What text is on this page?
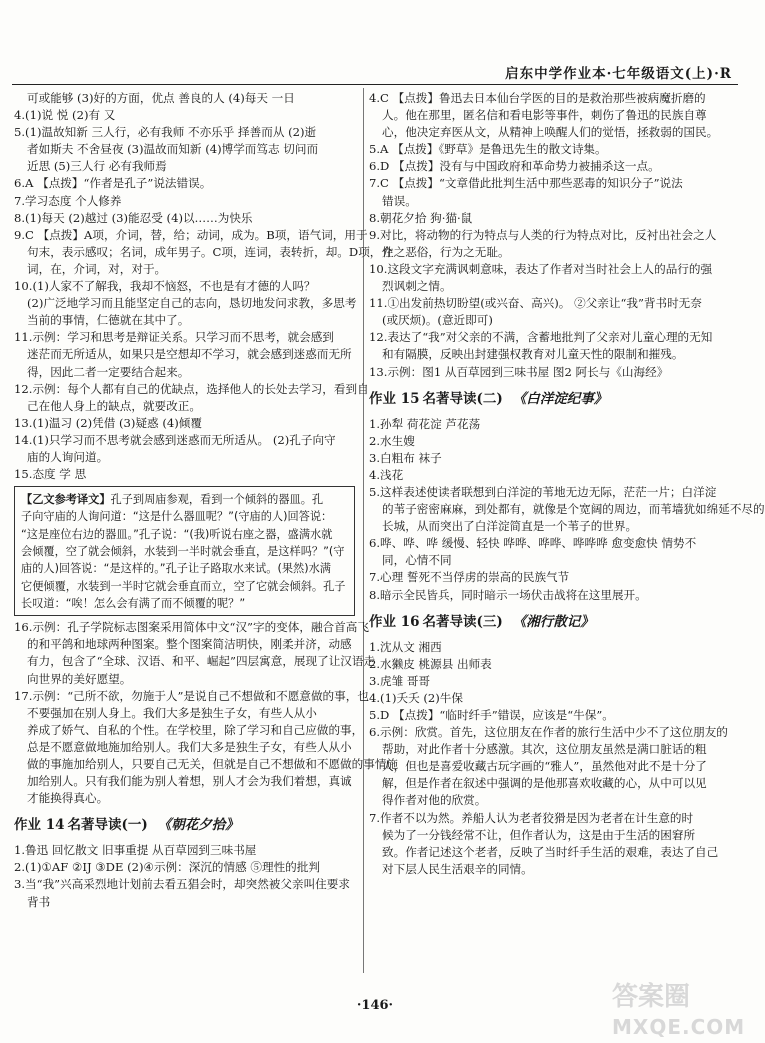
启东中学作业本·七年级语文(上)·R
可或能够 (3)好的方面，优点 善良的人 (4)每天 一日
4.(1)说 悦 (2)有 又
5.(1)温故知新 三人行，必有我师 不亦乐乎 择善而从 (2)逝
者如斯夫 不舍昼夜 (3)温故而知新 (4)博学而笃志 切问而
近思 (5)三人行 必有我师焉
6.A 【点拨】“作者是孔子”说法错误。
7.学习态度 个人修养
8.(1)每天 (2)越过 (3)能忍受 (4)以……为快乐
9.C 【点拨】A项，介词，替，给；动词，成为。B项，语气词，用于
句末，表示感叹；名词，成年男子。C项，连词，表转折，却。D项，介
词，在，介词，对，对于。
10.(1)人家不了解我，我却不恼怒，不也是有才德的人吗？
(2)广泛地学习而且能坚定自己的志向，恳切地发问求教，多思考
当前的事情，仁德就在其中了。
11.示例：学习和思考是辩证关系。只学习而不思考，就会感到
迷茫而无所适从，如果只是空想却不学习，就会感到迷惑而无所
得，因此二者一定要结合起来。
12.示例：每个人都有自己的优缺点，选择他人的长处去学习，看到自
己在他人身上的缺点，就要改正。
13.(1)温习 (2)凭借 (3)疑惑 (4)倾覆
14.(1)只学习而不思考就会感到迷惑而无所适从。 (2)孔子向守
庙的人询问道。
15.态度 学 思
【乙文参考译文】孔子到周庙参观，看到一个倾斜的器皿。孔
子向守庙的人询问道：“这是什么器皿呢？”(守庙的人)回答说：
“这是座位右边的器皿。”孔子说：“(我)听说右座之器，盛满水就
会倾覆，空了就会倾斜，水装到一半时就会垂直，是这样吗？”(守
庙的人)回答说：“是这样的。”孔子让子路取水来试。(果然)水满
它便倾覆，水装到一半时它就会垂直而立，空了它就会倾斜。孔子
长叹道：“唉！怎么会有满了而不倾覆的呢？”
16.示例：孔子学院标志图案采用简体中文“汉”字的变体，融合首高飞
的和平鸽和地球两种图案。整个图案简洁明快，刚柔并济，动感
有力，包含了“全球、汉语、和平、崛起”四层寓意，展现了让汉语走
向世界的美好愿望。
17.示例：“己所不欲，勿施于人”是说自己不想做和不愿意做的事，也
不要强加在别人身上。我们大多是独生子女，有些人从小
养成了娇气、自私的个性。在学校里，除了学习和自己应做的事，
总是不愿意做地施加给别人。我们大多是独生子女，有些人从小
做的事施加给别人，只要自己无关，但就是自己不想做和不愿做的事情施
加给别人。只有我们能为别人着想，别人才会为我们着想，真诚
才能换得真心。
作业 14 名著导读(一) 《朝花夕拾》
1.鲁迅 回忆散文 旧事重提 从百草园到三味书屋
2.(1)①AF ②IJ ③DE (2)④示例：深沉的情感 ⑤理性的批判
3.当“我”兴高采烈地计划前去看五猖会时，却突然被父亲叫住要求
背书
4.C 【点拨】鲁迅去日本仙台学医的目的是救治那些被病魔折磨的
人。他在那里，匿名信和看电影等事件，刺伤了鲁迅的民族自尊
心，他决定弃医从文，从精神上唤醒人们的觉悟，拯救弱的国民。
5.A 【点拨】《野草》是鲁迅先生的散文诗集。
6.D 【点拨】没有与中国政府和革命势力被捕杀这一点。
7.C 【点拨】“文章借此批判生活中那些恶毒的知识分子”说法
错误。
8.朝花夕拾 狗·猫·鼠
9.对比，将动物的行为特点与人类的行为特点对比，反衬出社会之人
性之恶俗，行为之无耻。
10.这段文字充满讽刺意味，表达了作者对当时社会上人的品行的强
烈讽刺之情。
11.①出发前热切盼望(或兴奋、高兴)。 ②父亲让“我”背书时无奈
(或厌烦)。(意近即可)
12.表达了“我”对父亲的不满，含蓄地批判了父亲对儿童心理的无知
和有隔膜，反映出封建强权教育对儿童天性的限制和摧残。
13.示例：图1 从百草园到三味书屋 图2 阿长与《山海经》
作业 15 名著导读(二) 《白洋淀纪事》
1.孙犁 荷花淀 芦花荡
2.水生嫂
3.白粗布 袜子
4.浅花
5.这样表述使读者联想到白洋淀的苇地无边无际，茫茫一片；白洋淀
的苇子密密麻麻，到处都有，就像是个宽阔的周边，而苇墙犹如绵延不尽的
长城，从而突出了白洋淀简直是一个苇子的世界。
6.哗、哗、哗 缓慢、轻快 哗哗、哗哗、哗哗哗 愈变愈快 情势不
同，心情不同
7.心理 誓死不当俘虏的崇高的民族气节
8.暗示全民皆兵，同时暗示一场伏击战将在这里展开。
作业 16 名著导读(三) 《湘行散记》
1.沈从文 湘西
2.水獭皮 桃源县 出师表
3.虎雏 哥哥
4.(1)夭夭 (2)牛保
5.D 【点拨】“临时纤手”错误，应该是“牛保”。
6.示例：欣赏。首先，这位朋友在作者的旅行生活中少不了这位朋友的
帮助，对此作者十分感激。其次，这位朋友虽然是满口脏话的粗
人，但也是喜爱收藏古玩字画的“雅人”，虽然他对此不是十分了
解，但是作者在叙述中强调的是他那喜欢收藏的心，从中可以见
得作者对他的欣赏。
7.作者不以为然。养船人认为老者狡猾是因为老者在计生意的时
候为了一分钱经常不让，但作者认为，这是由于生活的困窘所
致。作者记述这个老者，反映了当时纤手生活的艰难，表达了自己
对下层人民生活艰辛的同情。
·146·	答案圈
MXQE.COM
